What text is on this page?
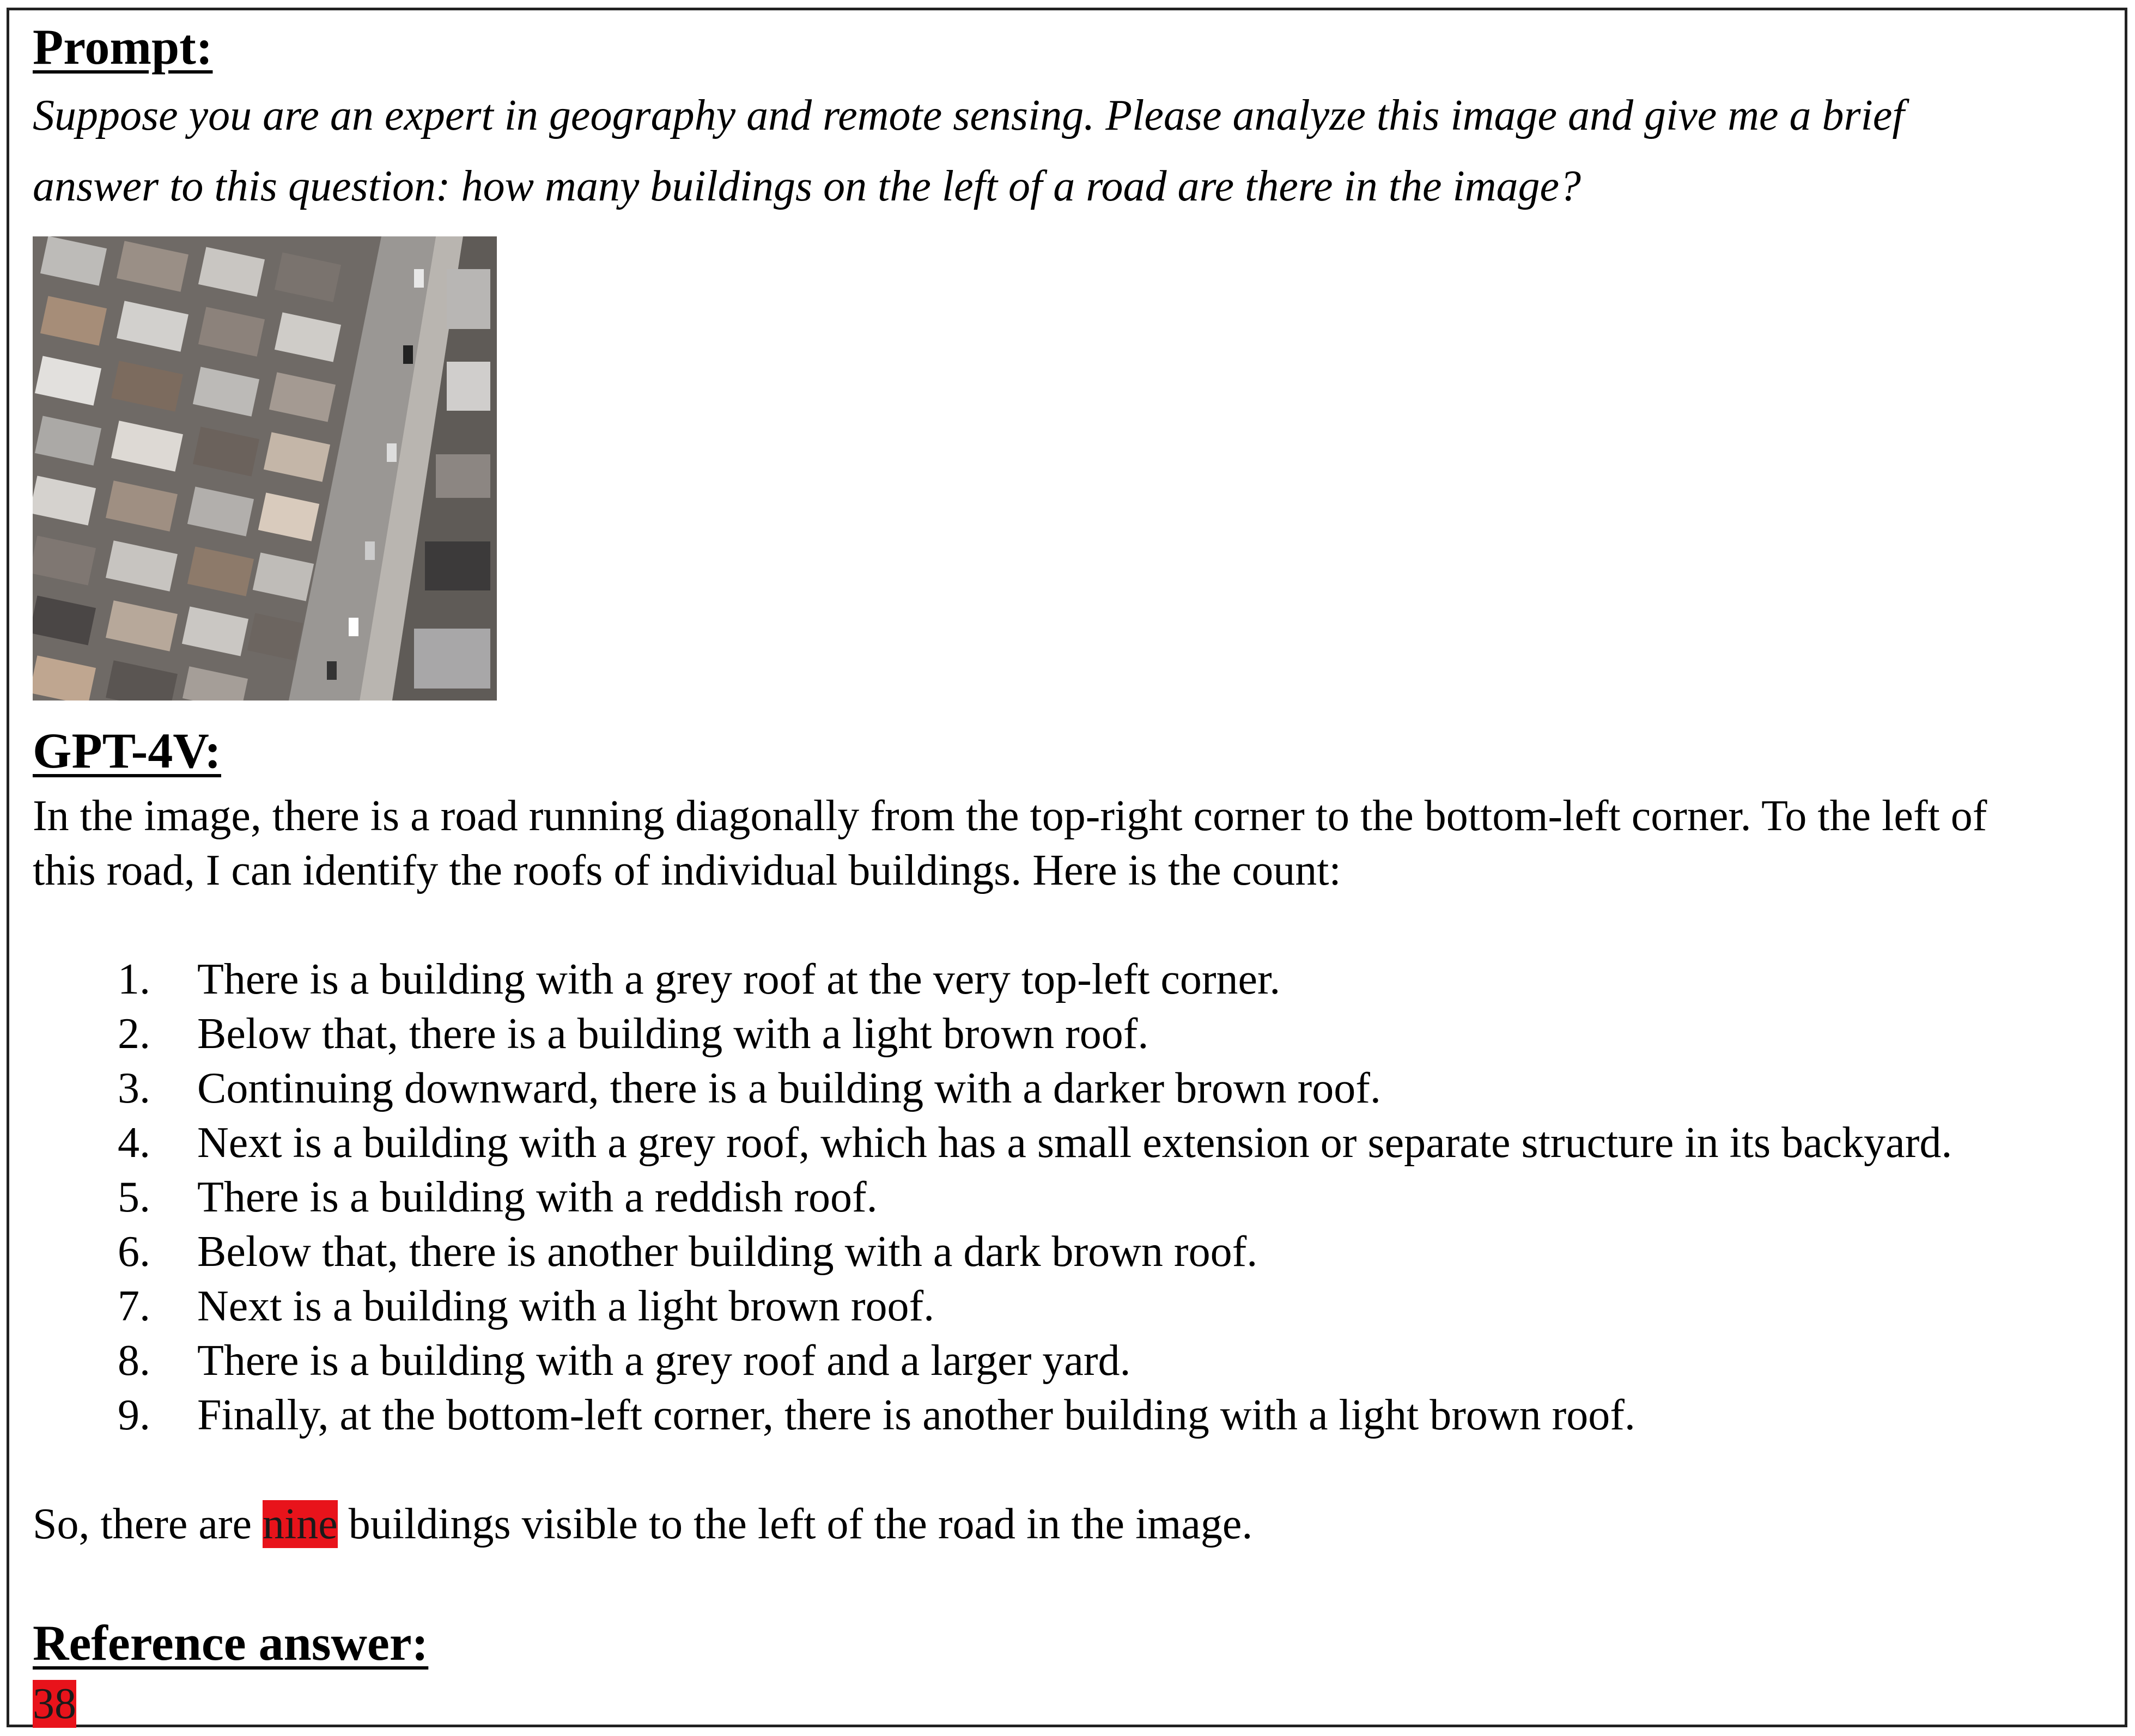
Prompt:
Suppose you are an expert in geography and remote sensing. Please analyze this image and give me a brief
answer to this question: how many buildings on the left of a road are there in the image?
GPT-4V:
In the image, there is a road running diagonally from the top-right corner to the bottom-left corner. To the left of
this road, I can identify the roofs of individual buildings. Here is the count:
1. There is a building with a grey roof at the very top-left corner.
2. Below that, there is a building with a light brown roof.
3. Continuing downward, there is a building with a darker brown roof.
4. Next is a building with a grey roof, which has a small extension or separate structure in its backyard.
5. There is a building with a reddish roof.
6. Below that, there is another building with a dark brown roof.
7. Next is a building with a light brown roof.
8. There is a building with a grey roof and a larger yard.
9. Finally, at the bottom-left corner, there is another building with a light brown roof.
So, there are nine buildings visible to the left of the road in the image.
Reference answer:
38
